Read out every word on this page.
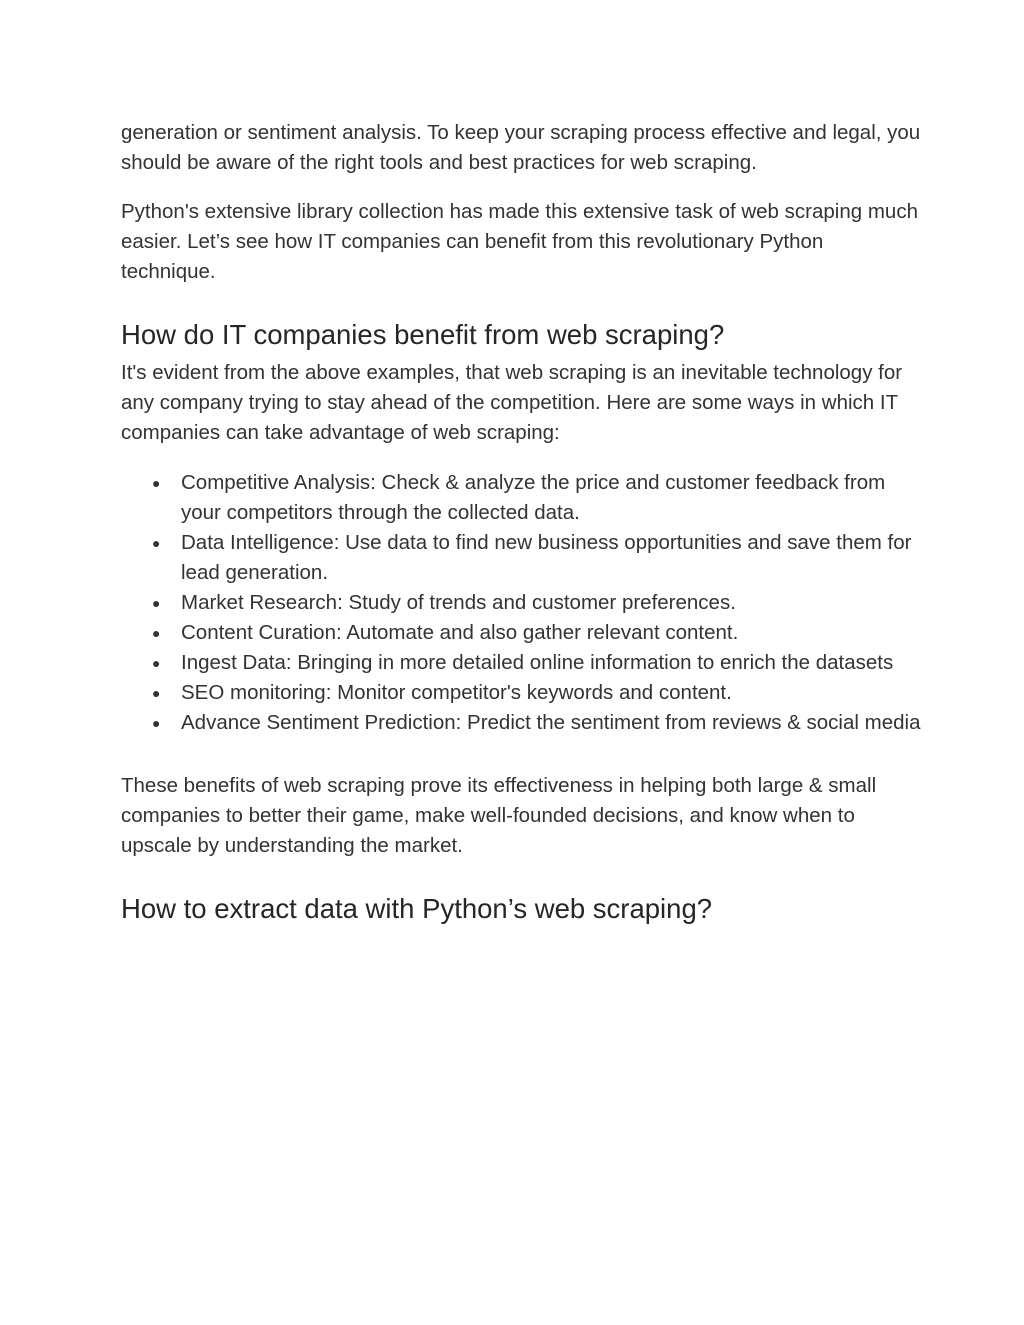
generation or sentiment analysis. To keep your scraping process effective and legal, you should be aware of the right tools and best practices for web scraping.

Python's extensive library collection has made this extensive task of web scraping much easier. Let’s see how IT companies can benefit from this revolutionary Python technique.

How do IT companies benefit from web scraping?

It's evident from the above examples, that web scraping is an inevitable technology for any company trying to stay ahead of the competition. Here are some ways in which IT companies can take advantage of web scraping:

● Competitive Analysis: Check & analyze the price and customer feedback from your competitors through the collected data.
● Data Intelligence: Use data to find new business opportunities and save them for lead generation.
● Market Research: Study of trends and customer preferences.
● Content Curation: Automate and also gather relevant content.
● Ingest Data: Bringing in more detailed online information to enrich the datasets
● SEO monitoring: Monitor competitor's keywords and content.
● Advance Sentiment Prediction: Predict the sentiment from reviews & social media

These benefits of web scraping prove its effectiveness in helping both large & small companies to better their game, make well-founded decisions, and know when to upscale by understanding the market.

How to extract data with Python’s web scraping?
